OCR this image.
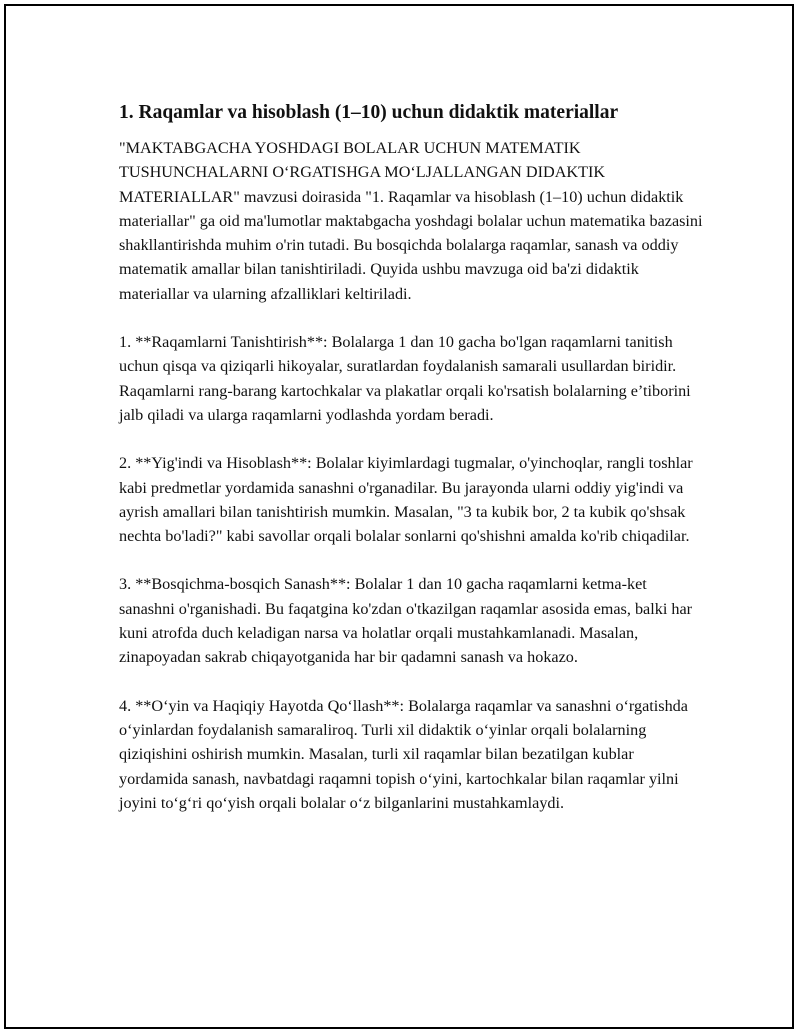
1. Raqamlar va hisoblash (1–10) uchun didaktik materiallar

"MAKTABGACHA YOSHDAGI BOLALAR UCHUN MATEMATIK TUSHUNCHALARNI OʻRGATISHGA MOʻLJALLANGAN DIDAKTIK MATERIALLAR" mavzusi doirasida "1. Raqamlar va hisoblash (1–10) uchun didaktik materiallar" ga oid ma'lumotlar maktabgacha yoshdagi bolalar uchun matematika bazasini shakllantirishda muhim o'rin tutadi. Bu bosqichda bolalarga raqamlar, sanash va oddiy matematik amallar bilan tanishtiriladi. Quyida ushbu mavzuga oid ba'zi didaktik materiallar va ularning afzalliklari keltiriladi.

1. **Raqamlarni Tanishtirish**: Bolalarga 1 dan 10 gacha bo'lgan raqamlarni tanitish uchun qisqa va qiziqarli hikoyalar, suratlardan foydalanish samarali usullardan biridir. Raqamlarni rang-barang kartochkalar va plakatlar orqali ko'rsatish bolalarning e’tiborini jalb qiladi va ularga raqamlarni yodlashda yordam beradi.

2. **Yig'indi va Hisoblash**: Bolalar kiyimlardagi tugmalar, o'yinchoqlar, rangli toshlar kabi predmetlar yordamida sanashni o'rganadilar. Bu jarayonda ularni oddiy yig'indi va ayrish amallari bilan tanishtirish mumkin. Masalan, "3 ta kubik bor, 2 ta kubik qo'shsak nechta bo'ladi?" kabi savollar orqali bolalar sonlarni qo'shishni amalda ko'rib chiqadilar.

3. **Bosqichma-bosqich Sanash**: Bolalar 1 dan 10 gacha raqamlarni ketma-ket sanashni o'rganishadi. Bu faqatgina ko'zdan o'tkazilgan raqamlar asosida emas, balki har kuni atrofda duch keladigan narsa va holatlar orqali mustahkamlanadi. Masalan, zinapoyadan sakrab chiqayotganida har bir qadamni sanash va hokazo.

4. **Oʻyin va Haqiqiy Hayotda Qoʻllash**: Bolalarga raqamlar va sanashni oʻrgatishda oʻyinlardan foydalanish samaraliroq. Turli xil didaktik oʻyinlar orqali bolalarning qiziqishini oshirish mumkin. Masalan, turli xil raqamlar bilan bezatilgan kublar yordamida sanash, navbatdagi raqamni topish oʻyini, kartochkalar bilan raqamlar yilni joyini toʻgʻri qoʻyish orqali bolalar oʻz bilganlarini mustahkamlaydi.
